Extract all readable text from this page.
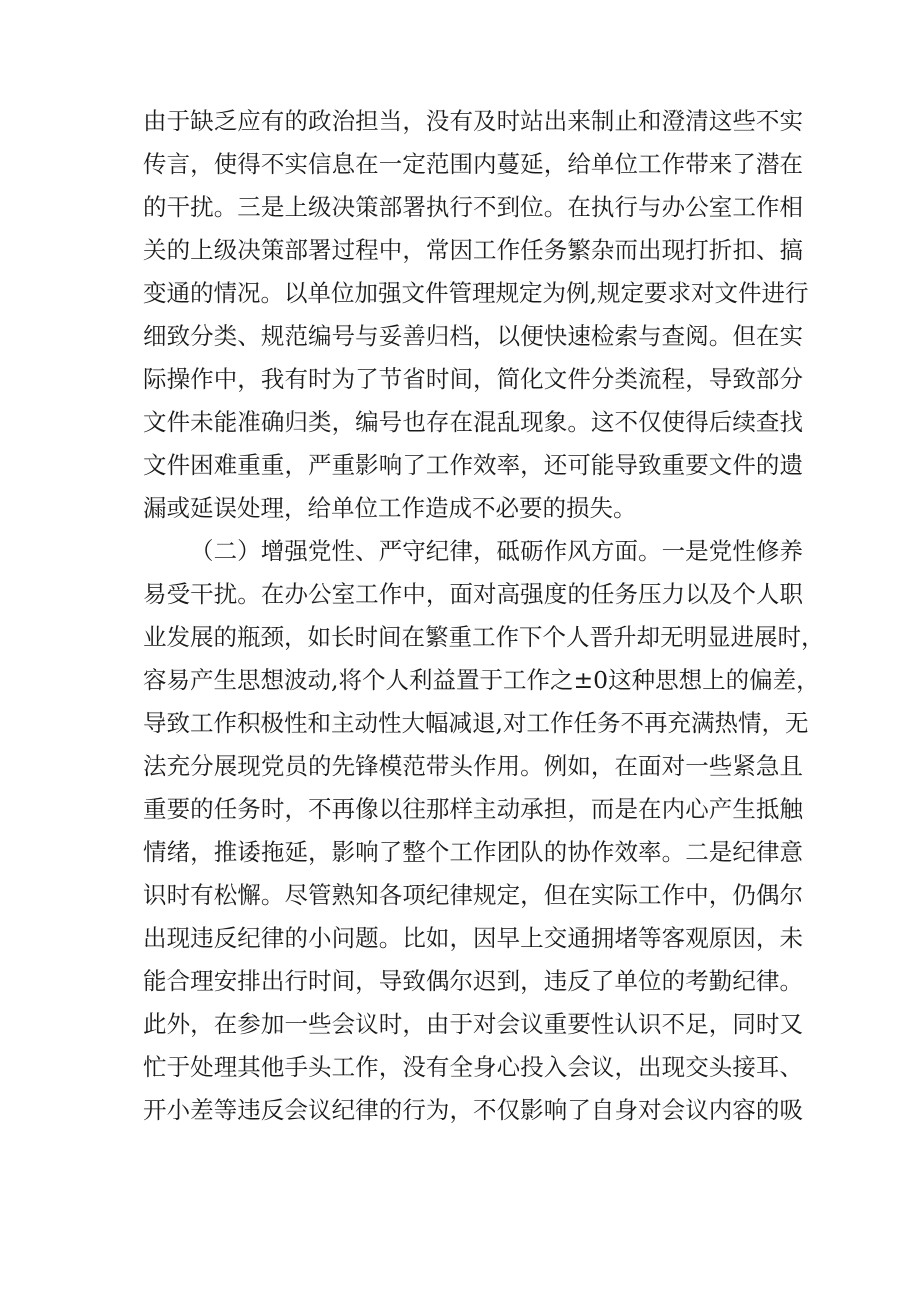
由于缺乏应有的政治担当，没有及时站出来制止和澄清这些不实
传言，使得不实信息在一定范围内蔓延，给单位工作带来了潜在
的干扰。三是上级决策部署执行不到位。在执行与办公室工作相
关的上级决策部署过程中，常因工作任务繁杂而出现打折扣、搞
变通的情况。以单位加强文件管理规定为例,规定要求对文件进行
细致分类、规范编号与妥善归档，以便快速检索与查阅。但在实
际操作中，我有时为了节省时间，简化文件分类流程，导致部分
文件未能准确归类，编号也存在混乱现象。这不仅使得后续查找
文件困难重重，严重影响了工作效率，还可能导致重要文件的遗
漏或延误处理，给单位工作造成不必要的损失。
（二）增强党性、严守纪律，砥砺作风方面。一是党性修养
易受干扰。在办公室工作中，面对高强度的任务压力以及个人职
业发展的瓶颈，如长时间在繁重工作下个人晋升却无明显进展时，
容易产生思想波动,将个人利益置于工作之±0这种思想上的偏差，
导致工作积极性和主动性大幅减退,对工作任务不再充满热情，无
法充分展现党员的先锋模范带头作用。例如，在面对一些紧急且
重要的任务时，不再像以往那样主动承担，而是在内心产生抵触
情绪，推诿拖延，影响了整个工作团队的协作效率。二是纪律意
识时有松懈。尽管熟知各项纪律规定，但在实际工作中，仍偶尔
出现违反纪律的小问题。比如，因早上交通拥堵等客观原因，未
能合理安排出行时间，导致偶尔迟到，违反了单位的考勤纪律。
此外，在参加一些会议时，由于对会议重要性认识不足，同时又
忙于处理其他手头工作，没有全身心投入会议，出现交头接耳、
开小差等违反会议纪律的行为，不仅影响了自身对会议内容的吸
